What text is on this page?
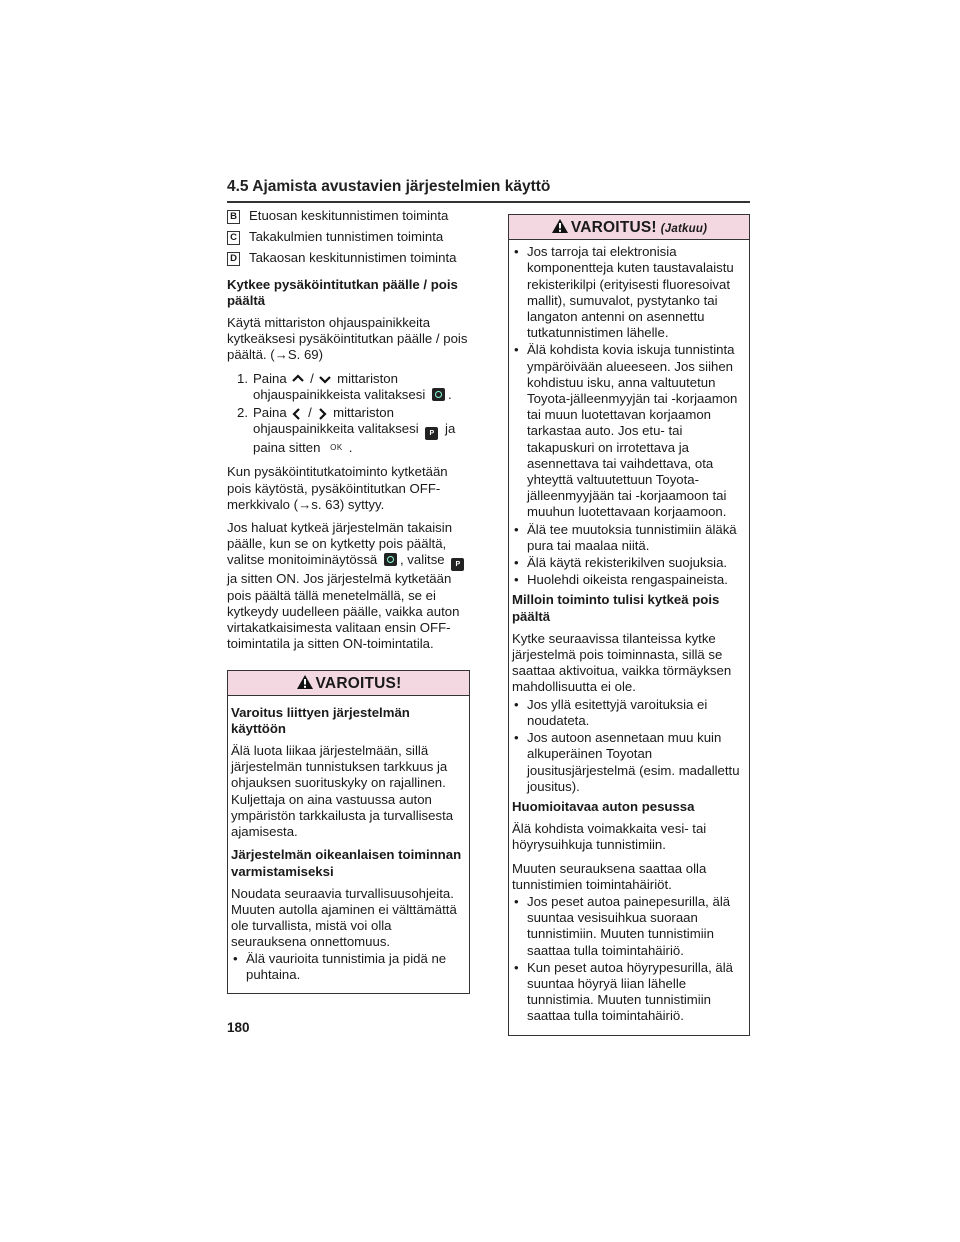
4.5 Ajamista avustavien järjestelmien käyttö
B Etuosan keskitunnistimen toiminta
C Takakulmien tunnistimen toiminta
D Takaosan keskitunnistimen toiminta
Kytkee pysäköintitutkan päälle / pois päältä

Käytä mittariston ohjauspainikkeita kytkeäksesi pysäköintitutkan päälle / pois päältä. (→S. 69)

1. Paina / mittariston ohjauspainikkeista valitaksesi .
2. Paina / mittariston ohjauspainikkeita valitaksesi P ja paina sitten OK .

Kun pysäköintitutkatoiminto kytketään pois käytöstä, pysäköintitutkan OFF-merkkivalo (→s. 63) syttyy.

Jos haluat kytkeä järjestelmän takaisin päälle, kun se on kytketty pois päältä, valitse monitoiminäytössä , valitse P ja sitten ON. Jos järjestelmä kytketään pois päältä tällä menetelmällä, se ei kytkeydy uudelleen päälle, vaikka auton virtakatkaisimesta valitaan ensin OFF-toimintatila ja sitten ON-toimintatila.

VAROITUS!
Varoitus liittyen järjestelmän käyttöön

Älä luota liikaa järjestelmään, sillä järjestelmän tunnistuksen tarkkuus ja ohjauksen suorituskyky on rajallinen. Kuljettaja on aina vastuussa auton ympäristön tarkkailusta ja turvallisesta ajamisesta.

Järjestelmän oikeanlaisen toiminnan varmistamiseksi

Noudata seuraavia turvallisuusohjeita. Muuten autolla ajaminen ei välttämättä ole turvallista, mistä voi olla seurauksena onnettomuus.

• Älä vaurioita tunnistimia ja pidä ne puhtaina.
VAROITUS! (Jatkuu)
• Jos tarroja tai elektronisia komponentteja kuten taustavalaistu rekisterikilpi (erityisesti fluoresoivat mallit), sumuvalot, pystytanko tai langaton antenni on asennettu tutkatunnistimen lähelle.
• Älä kohdista kovia iskuja tunnistinta ympäröivään alueeseen. Jos siihen kohdistuu isku, anna valtuutetun Toyota-jälleenmyyjän tai -korjaamon tai muun luotettavan korjaamon tarkastaa auto. Jos etu- tai takapuskuri on irrotettava ja asennettava tai vaihdettava, ota yhteyttä valtuutettuun Toyota-jälleenmyyjään tai -korjaamoon tai muuhun luotettavaan korjaamoon.
• Älä tee muutoksia tunnistimiin äläkä pura tai maalaa niitä.
• Älä käytä rekisterikilven suojuksia.
• Huolehdi oikeista rengaspaineista.
Milloin toiminto tulisi kytkeä pois päältä

Kytke seuraavissa tilanteissa kytke järjestelmä pois toiminnasta, sillä se saattaa aktivoitua, vaikka törmäyksen mahdollisuutta ei ole.

• Jos yllä esitettyjä varoituksia ei noudateta.
• Jos autoon asennetaan muu kuin alkuperäinen Toyotan jousitusjärjestelmä (esim. madallettu jousitus).
Huomioitavaa auton pesussa

Älä kohdista voimakkaita vesi- tai höyrysuihkuja tunnistimiin.

Muuten seurauksena saattaa olla tunnistimien toimintahäiriöt.

• Jos peset autoa painepesurilla, älä suuntaa vesisuihkua suoraan tunnistimiin. Muuten tunnistimiin saattaa tulla toimintahäiriö.
• Kun peset autoa höyrypesurilla, älä suuntaa höyryä liian lähelle tunnistimia. Muuten tunnistimiin saattaa tulla toimintahäiriö.
180
